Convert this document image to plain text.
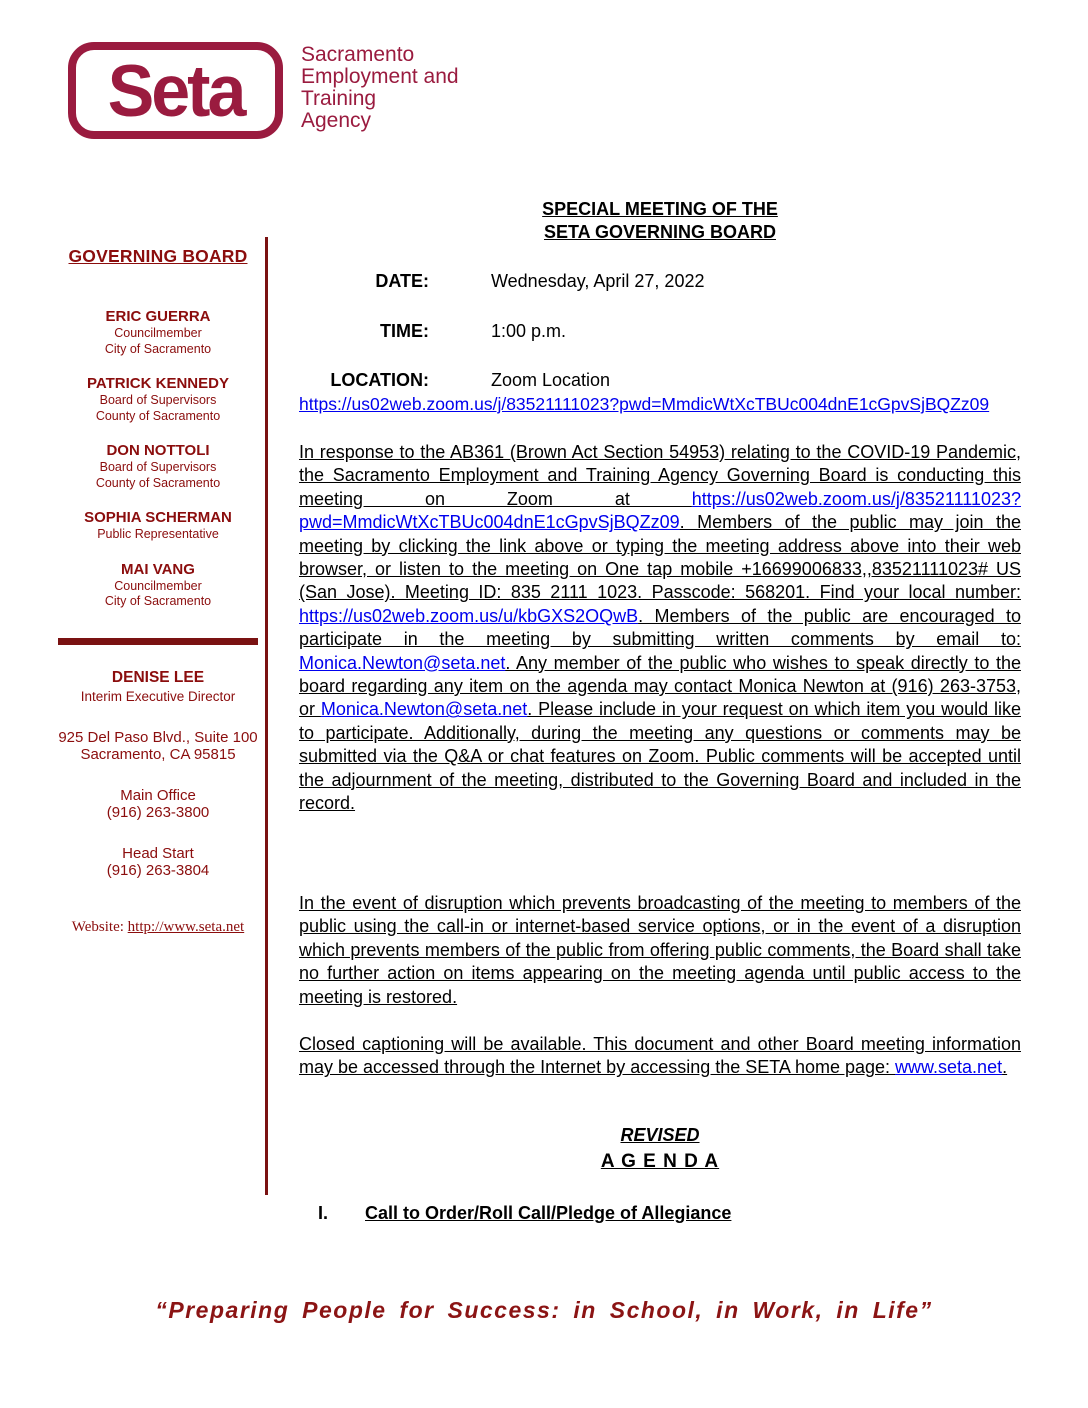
Seta	Sacramento
Employment and
Training
Agency
GOVERNING BOARD
ERIC GUERRA
Councilmember
City of Sacramento
PATRICK KENNEDY
Board of Supervisors
County of Sacramento
DON NOTTOLI
Board of Supervisors
County of Sacramento
SOPHIA SCHERMAN
Public Representative
MAI VANG
Councilmember
City of Sacramento
DENISE LEE
Interim Executive Director
925 Del Paso Blvd., Suite 100
Sacramento, CA 95815
Main Office
(916) 263-3800
Head Start
(916) 263-3804
Website: http://www.seta.net
SPECIAL MEETING OF THE
SETA GOVERNING BOARD
DATE:	Wednesday, April 27, 2022
TIME:	1:00 p.m.
LOCATION:	Zoom Location
https://us02web.zoom.us/j/83521111023?pwd=MmdicWtXcTBUc004dnE1cGpvSjBQZz09

In response to the AB361 (Brown Act Section 54953) relating to the COVID-19 Pandemic, the Sacramento Employment and Training Agency Governing Board is conducting this meeting on Zoom at https://us02web.zoom.us/j/83521111023?pwd=MmdicWtXcTBUc004dnE1cGpvSjBQZz09. Members of the public may join the meeting by clicking the link above or typing the meeting address above into their web browser, or listen to the meeting on One tap mobile +16699006833,,83521111023# US (San Jose). Meeting ID: 835 2111 1023. Passcode: 568201. Find your local number: https://us02web.zoom.us/u/kbGXS2OQwB. Members of the public are encouraged to participate in the meeting by submitting written comments by email to: Monica.Newton@seta.net. Any member of the public who wishes to speak directly to the board regarding any item on the agenda may contact Monica Newton at (916) 263-3753, or Monica.Newton@seta.net. Please include in your request on which item you would like to participate. Additionally, during the meeting any questions or comments may be submitted via the Q&A or chat features on Zoom. Public comments will be accepted until the adjournment of the meeting, distributed to the Governing Board and included in the record.

In the event of disruption which prevents broadcasting of the meeting to members of the public using the call-in or internet-based service options, or in the event of a disruption which prevents members of the public from offering public comments, the Board shall take no further action on items appearing on the meeting agenda until public access to the meeting is restored.

Closed captioning will be available. This document and other Board meeting information may be accessed through the Internet by accessing the SETA home page: www.seta.net.

REVISED
A G E N D A
I.	Call to Order/Roll Call/Pledge of Allegiance
“Preparing People for Success: in School, in Work, in Life”
